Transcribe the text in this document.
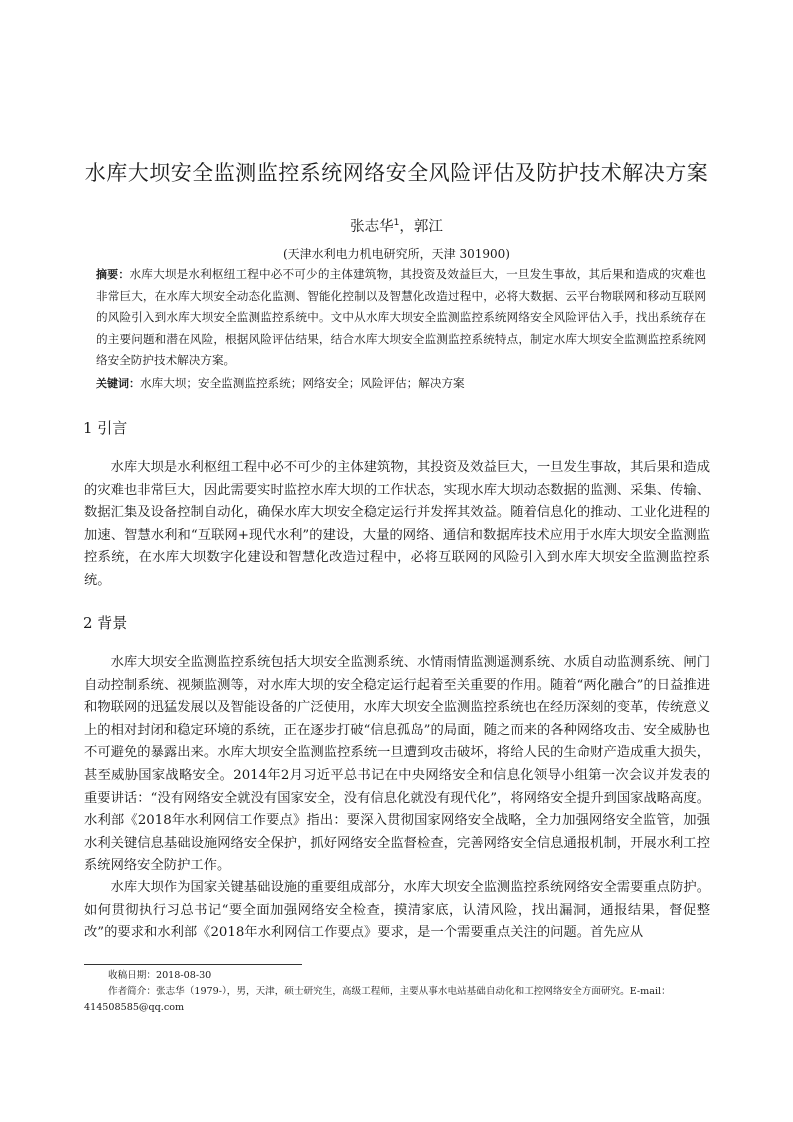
水库大坝安全监测监控系统网络安全风险评估及防护技术解决方案
张志华$^1$，郭江
(天津水利电力机电研究所，天津 301900)
摘要：水库大坝是水利枢纽工程中必不可少的主体建筑物，其投资及效益巨大，一旦发生事故，其后果和造成的灾难也非常巨大，在水库大坝安全动态化监测、智能化控制以及智慧化改造过程中，必将大数据、云平台物联网和移动互联网的风险引入到水库大坝安全监测监控系统中。文中从水库大坝安全监测监控系统网络安全风险评估入手，找出系统存在的主要问题和潜在风险，根据风险评估结果，结合水库大坝安全监测监控系统特点，制定水库大坝安全监测监控系统网络安全防护技术解决方案。
关键词：水库大坝；安全监测监控系统；网络安全；风险评估；解决方案
1 引言
水库大坝是水利枢纽工程中必不可少的主体建筑物，其投资及效益巨大，一旦发生事故，其后果和造成的灾难也非常巨大，因此需要实时监控水库大坝的工作状态，实现水库大坝动态数据的监测、采集、传输、数据汇集及设备控制自动化，确保水库大坝安全稳定运行并发挥其效益。随着信息化的推动、工业化进程的加速、智慧水利和“互联网+现代水利”的建设，大量的网络、通信和数据库技术应用于水库大坝安全监测监控系统，在水库大坝数字化建设和智慧化改造过程中，必将互联网的风险引入到水库大坝安全监测监控系统。
2 背景
水库大坝安全监测监控系统包括大坝安全监测系统、水情雨情监测遥测系统、水质自动监测系统、闸门自动控制系统、视频监测等，对水库大坝的安全稳定运行起着至关重要的作用。随着“两化融合”的日益推进和物联网的迅猛发展以及智能设备的广泛使用，水库大坝安全监测监控系统也在经历深刻的变革，传统意义上的相对封闭和稳定环境的系统，正在逐步打破“信息孤岛”的局面，随之而来的各种网络攻击、安全威胁也不可避免的暴露出来。水库大坝安全监测监控系统一旦遭到攻击破坏，将给人民的生命财产造成重大损失，甚至威胁国家战略安全。2014年2月习近平总书记在中央网络安全和信息化领导小组第一次会议并发表的重要讲话：“没有网络安全就没有国家安全，没有信息化就没有现代化”，将网络安全提升到国家战略高度。水利部《2018年水利网信工作要点》指出：要深入贯彻国家网络安全战略，全力加强网络安全监管，加强水利关键信息基础设施网络安全保护，抓好网络安全监督检查，完善网络安全信息通报机制，开展水利工控系统网络安全防护工作。
水库大坝作为国家关键基础设施的重要组成部分，水库大坝安全监测监控系统网络安全需要重点防护。如何贯彻执行习总书记“要全面加强网络安全检查，摸清家底，认清风险，找出漏洞，通报结果，督促整改”的要求和水利部《2018年水利网信工作要点》要求，是一个需要重点关注的问题。首先应从
收稿日期：2018-08-30
作者简介：张志华（1979-），男，天津，硕士研究生，高级工程师，主要从事水电站基础自动化和工控网络安全方面研究。E-mail：
414508585@qq.com
